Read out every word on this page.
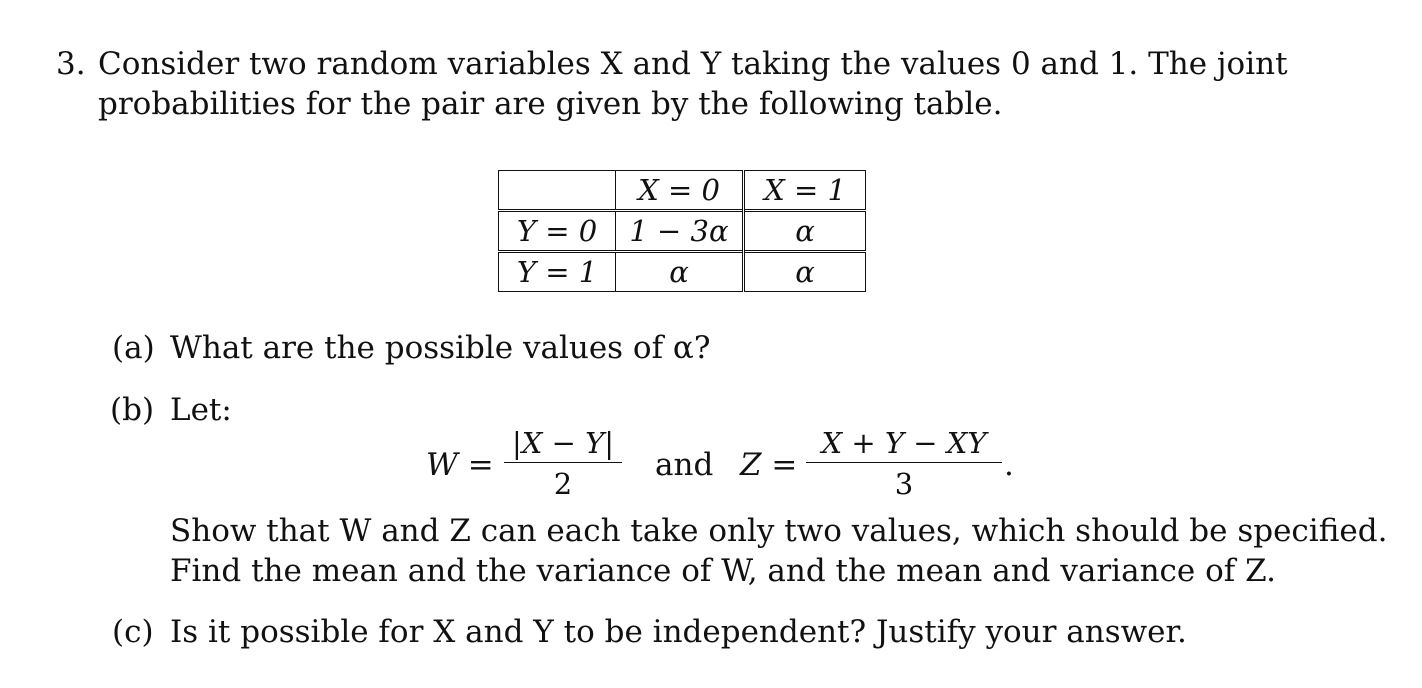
3. Consider two random variables X and Y taking the values 0 and 1. The joint
probabilities for the pair are given by the following table.
	X = 0	X = 1
Y = 0	1 − 3α	α
Y = 1	α	α
(a) What are the possible values of α?
(b) Let:
W =
|X − Y|
2
and Z =
X + Y − XY
3
.
Show that W and Z can each take only two values, which should be specified.
Find the mean and the variance of W, and the mean and variance of Z.
(c) Is it possible for X and Y to be independent? Justify your answer.
